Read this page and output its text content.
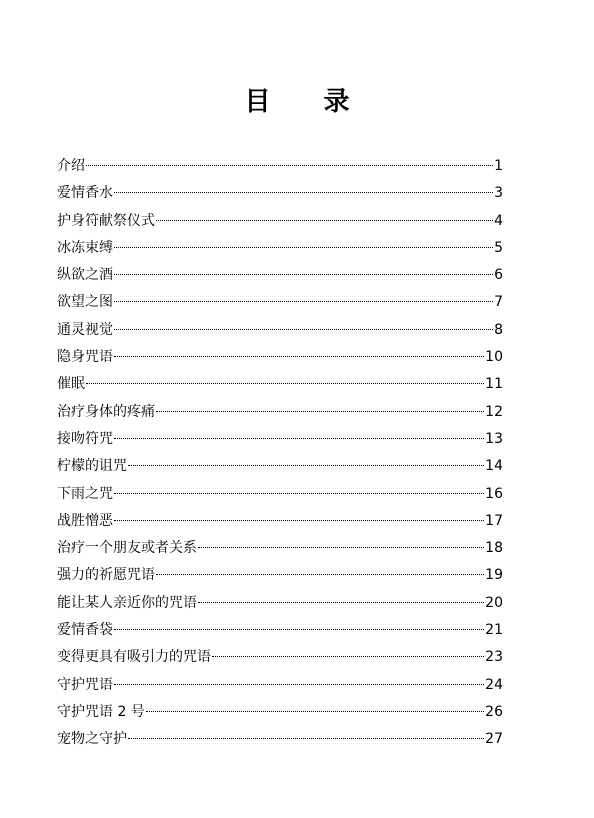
目 录
介绍	1
爱情香水	3
护身符献祭仪式	4
冰冻束缚	5
纵欲之酒	6
欲望之图	7
通灵视觉	8
隐身咒语	10
催眠	11
治疗身体的疼痛	12
接吻符咒	13
柠檬的诅咒	14
下雨之咒	16
战胜憎恶	17
治疗一个朋友或者关系	18
强力的祈愿咒语	19
能让某人亲近你的咒语	20
爱情香袋	21
变得更具有吸引力的咒语	23
守护咒语	24
守护咒语 2 号	26
宠物之守护	27
